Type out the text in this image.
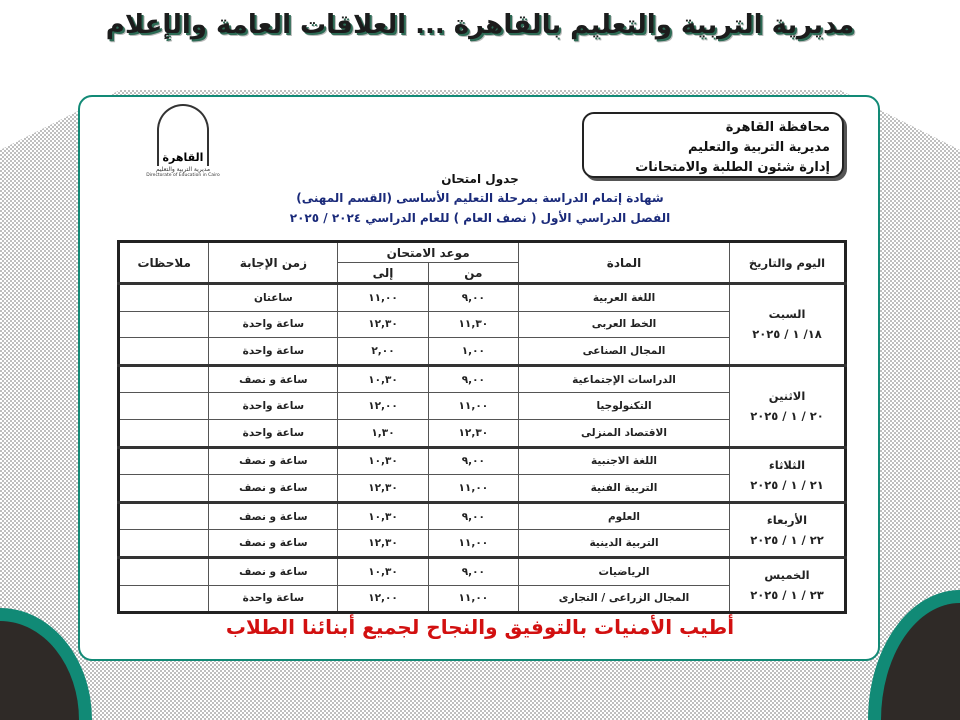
مديرية التربية والتعليم بالقاهرة ... العلاقات العامة والإعلام
محافظة القاهرة
مديرية التربية والتعليم
إدارة شئون الطلبة والامتحانات
القاهرة
مديرية التربية والتعليم
Directorate of Education in Cairo	جدول امتحان
شهادة إتمام الدراسة بمرحلة التعليم الأساسى (القسم المهنى)
الفصل الدراسي الأول ( نصف العام ) للعام الدراسي ٢٠٢٤ / ٢٠٢٥
اليوم والتاريخ	المادة	موعد الامتحان		زمن الإجابة	ملاحظات
		من	إلى		

السبت
١٨/ ١ / ٢٠٢٥	اللغة العربية	٩,٠٠	١١,٠٠	ساعتان	
	الخط العربى	١١,٣٠	١٢,٣٠	ساعة واحدة	
	المجال الصناعى	١,٠٠	٢,٠٠	ساعة واحدة	

الاثنين
٢٠ / ١ / ٢٠٢٥	الدراسات الإجتماعية	٩,٠٠	١٠,٣٠	ساعة و نصف	
	التكنولوجيا	١١,٠٠	١٢,٠٠	ساعة واحدة	
	الاقتصاد المنزلى	١٢,٣٠	١,٣٠	ساعة واحدة	

الثلاثاء
٢١ / ١ / ٢٠٢٥	اللغة الاجنبية	٩,٠٠	١٠,٣٠	ساعة و نصف	
	التربية الفنية	١١,٠٠	١٢,٣٠	ساعة و نصف	

الأربعاء
٢٢ / ١ / ٢٠٢٥	العلوم	٩,٠٠	١٠,٣٠	ساعة و نصف	
	التربية الدينية	١١,٠٠	١٢,٣٠	ساعة و نصف	

الخميس
٢٣ / ١ / ٢٠٢٥	الرياضيات	٩,٠٠	١٠,٣٠	ساعة و نصف	
	المجال الزراعى / التجارى	١١,٠٠	١٢,٠٠	ساعة واحدة	
أطيب الأمنيات بالتوفيق والنجاح لجميع أبنائنا الطلاب
